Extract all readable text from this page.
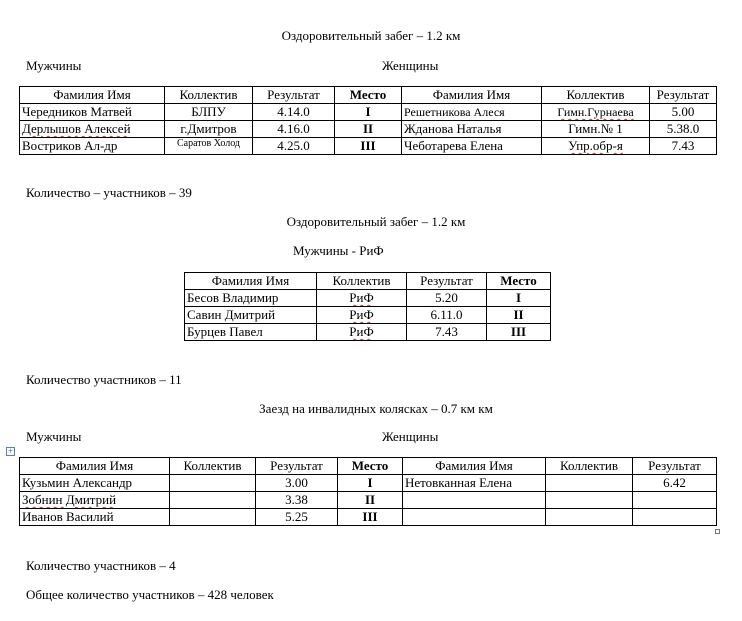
Оздоровительный забег – 1.2 км
Мужчины	Женщины
Фамилия Имя	Коллектив	Результат	Место	Фамилия Имя	Коллектив	Результат
Чередников Матвей	БЛПУ	4.14.0	I	Решетникова Алеся	Гимн.Гурнаева	5.00
Дерлышов Алексей	г.Дмитров	4.16.0	II	Жданова Наталья	Гимн.№ 1	5.38.0
Востриков Ал-др	Саратов Холод	4.25.0	III	Чеботарева Елена	Упр.обр-я	7.43
Количество – участников – 39
Оздоровительный забег – 1.2 км
Мужчины - РиФ
Фамилия Имя	Коллектив	Результат	Место
Бесов Владимир	РиФ	5.20	I
Савин Дмитрий	РиФ	6.11.0	II
Бурцев Павел	РиФ	7.43	III
Количество участников – 11
Заезд на инвалидных колясках – 0.7 км км
Мужчины	Женщины
+
Фамилия Имя	Коллектив	Результат	Место	Фамилия Имя	Коллектив	Результат
Кузьмин Александр		3.00	I	Нетовканная Елена		6.42
Зобнин Дмитрий		3.38	II			
Иванов Василий		5.25	III			
Количество участников – 4
Общее количество участников – 428 человек
